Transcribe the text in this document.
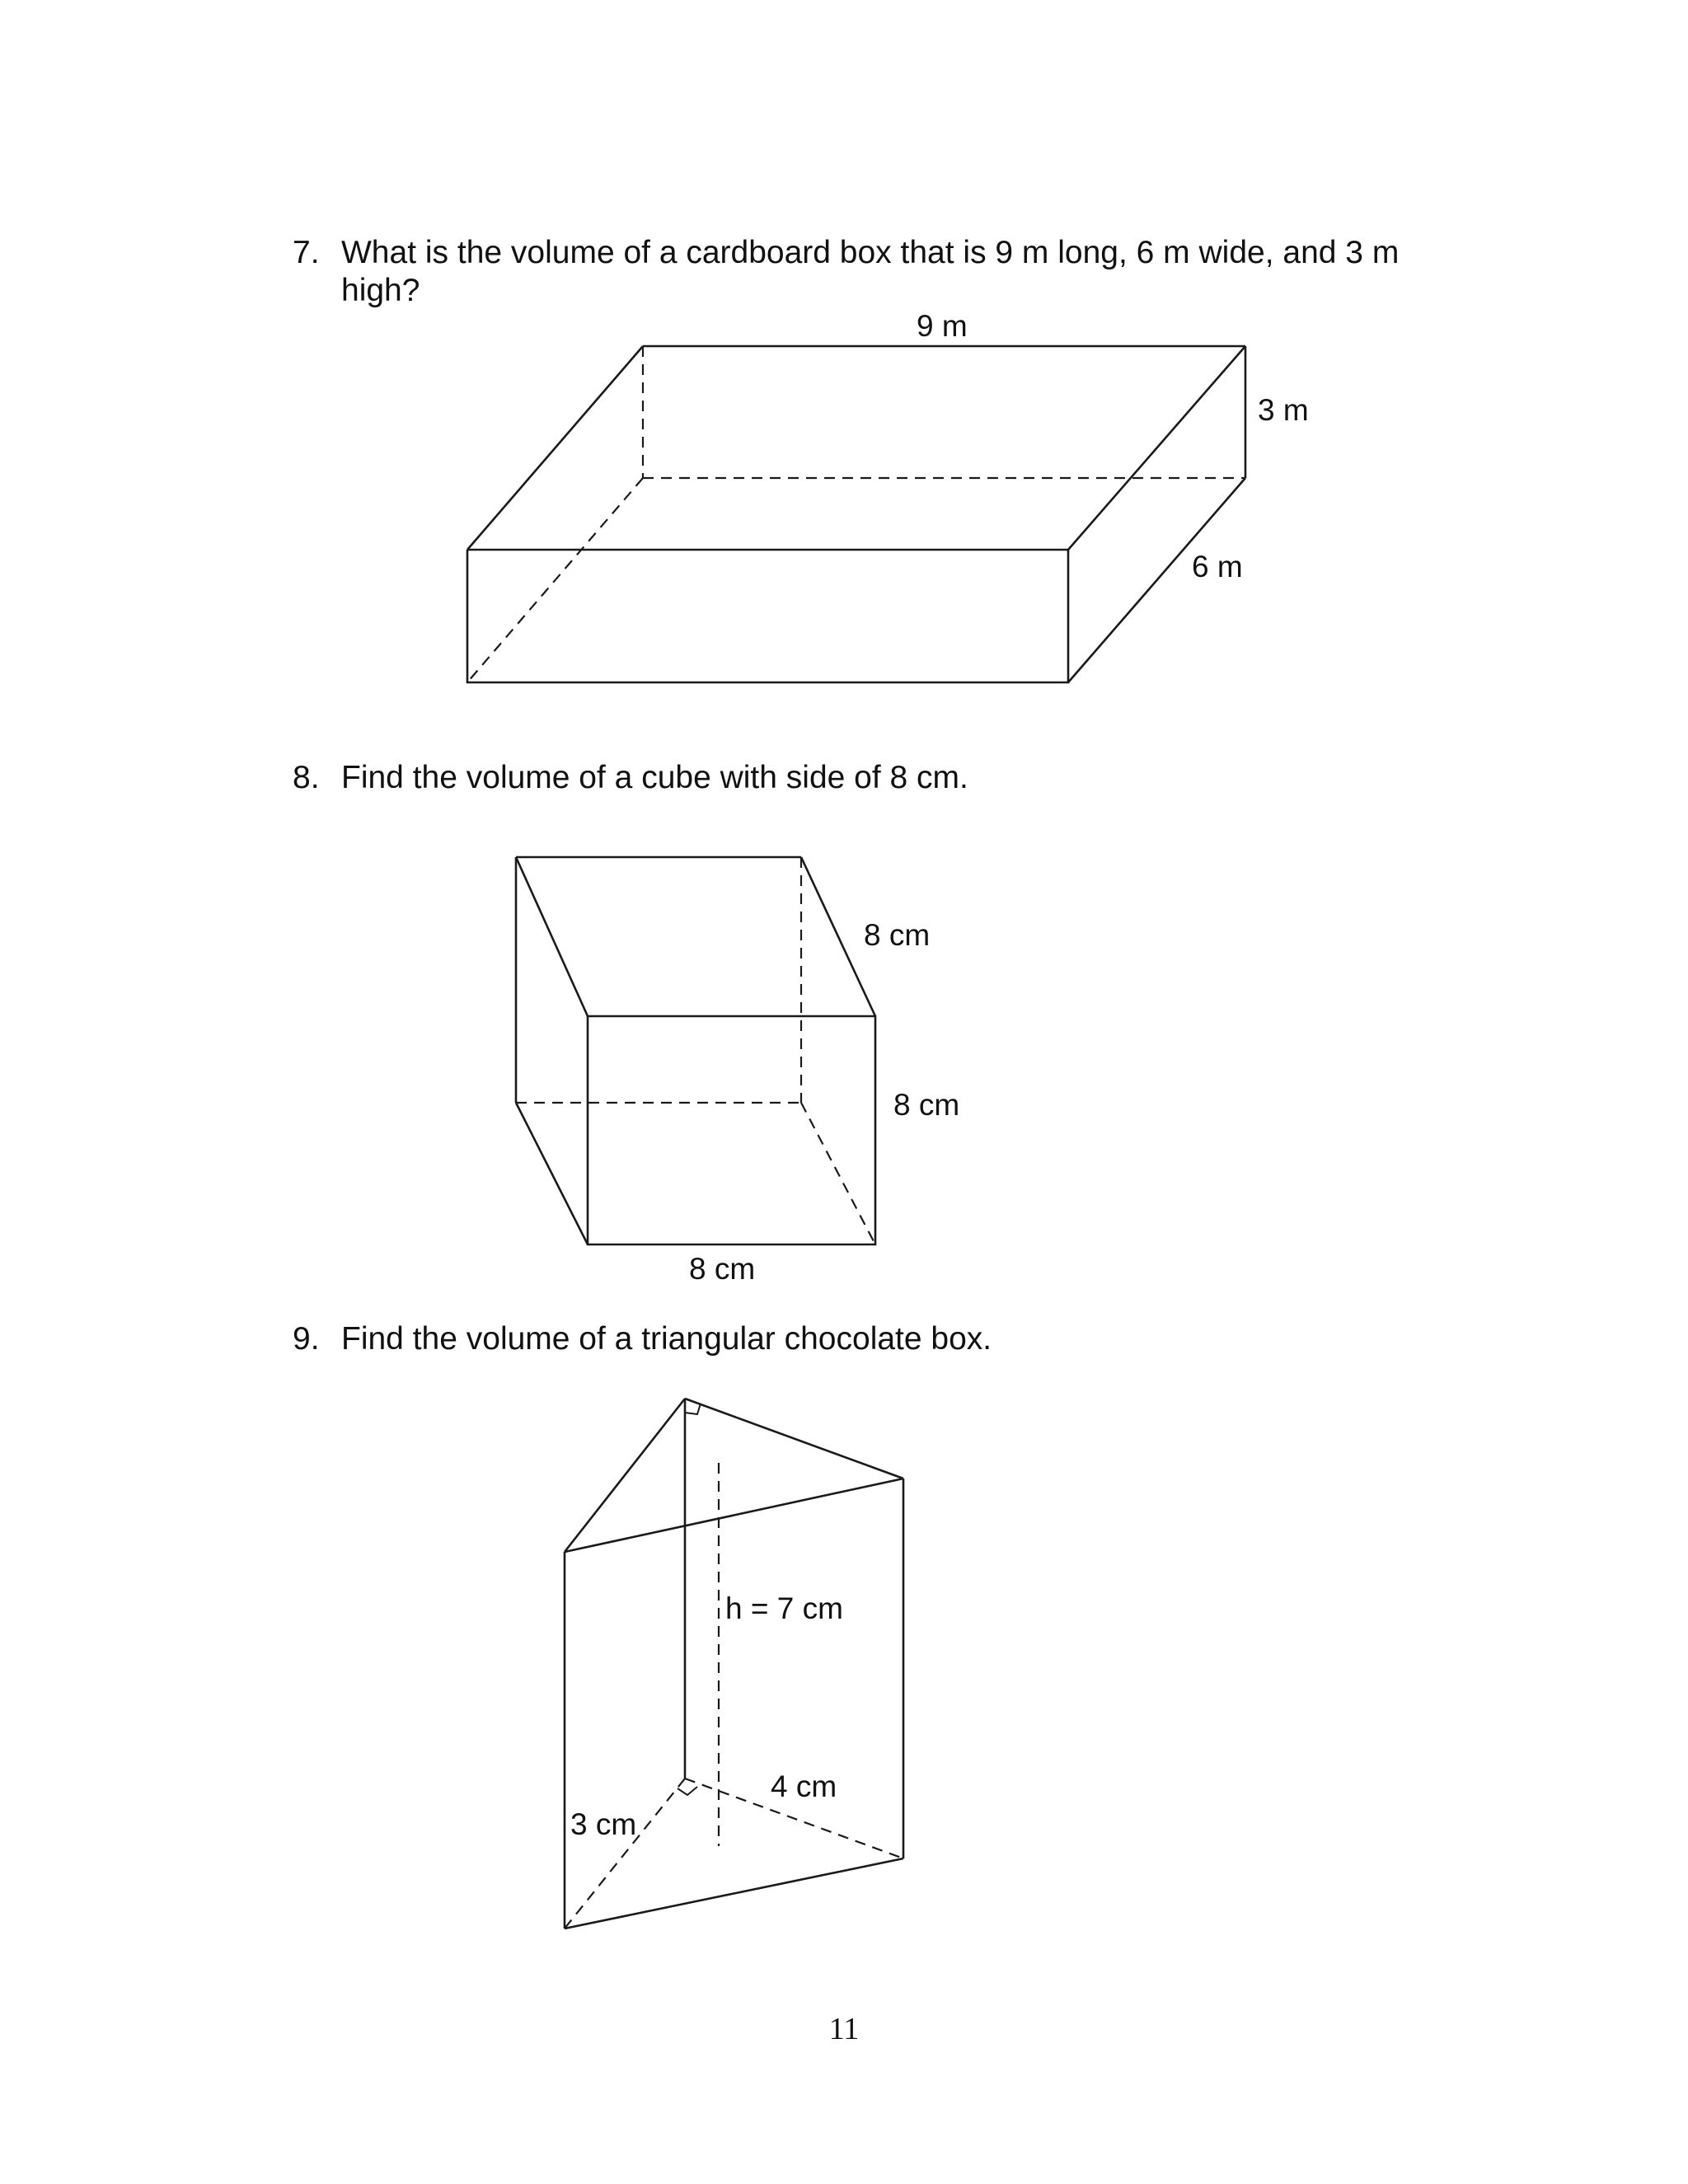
7. What is the volume of a cardboard box that is 9 m long, 6 m wide, and 3 m high?
8. Find the volume of a cube with side of 8 cm.
9. Find the volume of a triangular chocolate box.
9 m
3 m
6 m
8 cm
8 cm
8 cm
h = 7 cm
4 cm
3 cm
11
